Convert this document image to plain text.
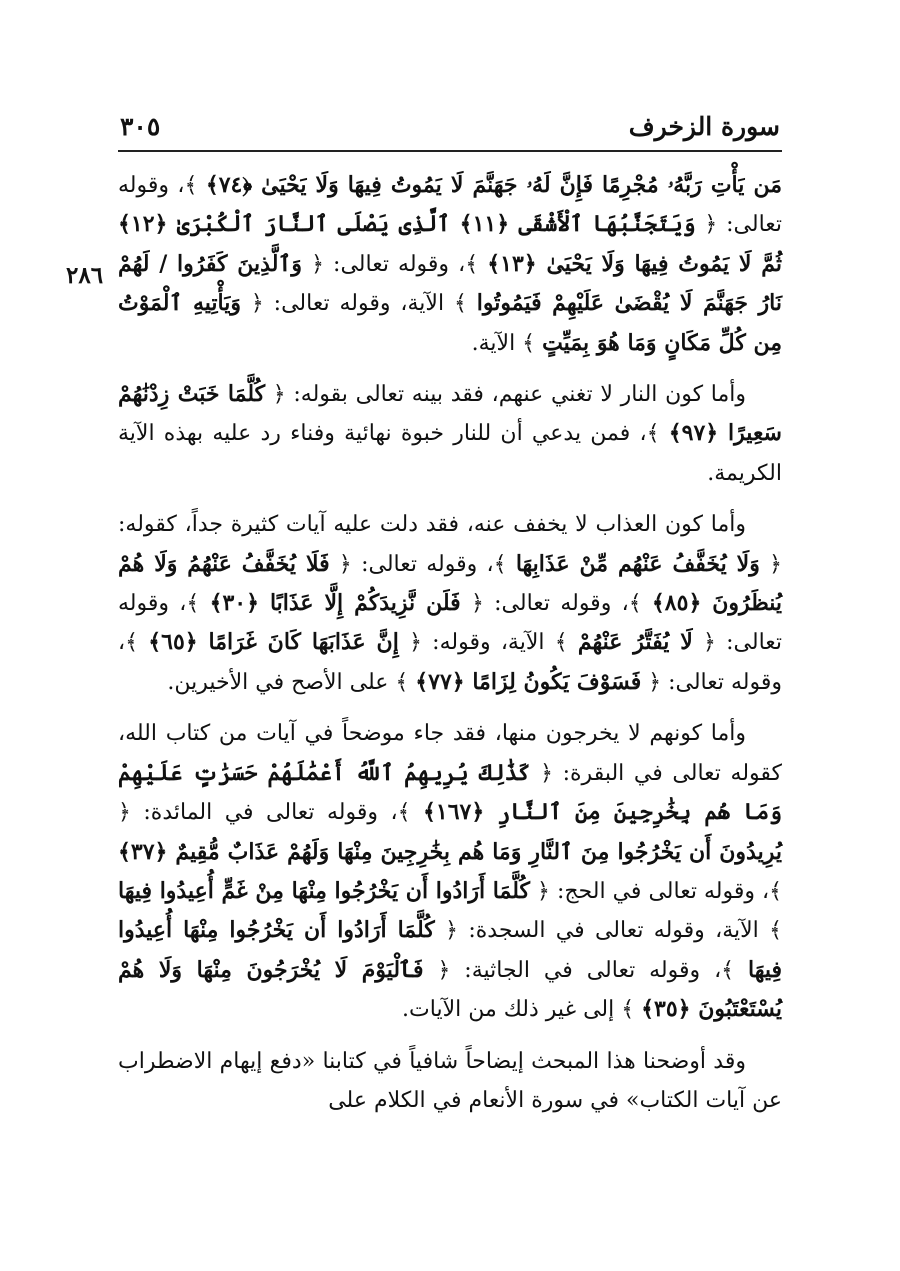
سورة الزخرف
٣٠٥
٢٨٦

مَن يَأْتِ رَبَّهُۥ مُجْرِمًا فَإِنَّ لَهُۥ جَهَنَّمَ لَا يَمُوتُ فِيهَا وَلَا يَحْيَىٰ ﴿٧٤﴾ ﴾، وقوله تعالى: ﴿ وَيَتَجَنَّبُهَا ٱلْأَشْقَى ﴿١١﴾ ٱلَّذِى يَصْلَى ٱلنَّارَ ٱلْكُبْرَىٰ ﴿١٢﴾ ثُمَّ لَا يَمُوتُ فِيهَا وَلَا يَحْيَىٰ ﴿١٣﴾ ﴾، وقوله تعالى: ﴿ وَٱلَّذِينَ كَفَرُوا / لَهُمْ نَارُ جَهَنَّمَ لَا يُقْضَىٰ عَلَيْهِمْ فَيَمُوتُوا ﴾ الآية، وقوله تعالى: ﴿ وَيَأْتِيهِ ٱلْمَوْتُ مِن كُلِّ مَكَانٍ وَمَا هُوَ بِمَيِّتٍ ﴾ الآية.

وأما كون النار لا تغني عنهم، فقد بينه تعالى بقوله: ﴿ كُلَّمَا خَبَتْ زِدْنَٰهُمْ سَعِيرًا ﴿٩٧﴾ ﴾، فمن يدعي أن للنار خبوة نهائية وفناء رد عليه بهذه الآية الكريمة.

وأما كون العذاب لا يخفف عنه، فقد دلت عليه آيات كثيرة جداً، كقوله: ﴿ وَلَا يُخَفَّفُ عَنْهُم مِّنْ عَذَابِهَا ﴾، وقوله تعالى: ﴿ فَلَا يُخَفَّفُ عَنْهُمُ وَلَا هُمْ يُنظَرُونَ ﴿٨٥﴾ ﴾، وقوله تعالى: ﴿ فَلَن نَّزِيدَكُمْ إِلَّا عَذَابًا ﴿٣٠﴾ ﴾، وقوله تعالى: ﴿ لَا يُفَتَّرُ عَنْهُمْ ﴾ الآية، وقوله: ﴿ إِنَّ عَذَابَهَا كَانَ غَرَامًا ﴿٦٥﴾ ﴾، وقوله تعالى: ﴿ فَسَوْفَ يَكُونُ لِزَامًا ﴿٧٧﴾ ﴾ على الأصح في الأخيرين.

وأما كونهم لا يخرجون منها، فقد جاء موضحاً في آيات من كتاب الله، كقوله تعالى في البقرة: ﴿ كَذَٰلِكَ يُرِيهِمُ ٱللَّهُ أَعْمَٰلَهُمْ حَسَرَٰتٍ عَلَيْهِمْ وَمَا هُم بِخَٰرِجِينَ مِنَ ٱلنَّارِ ﴿١٦٧﴾ ﴾، وقوله تعالى في المائدة: ﴿ يُرِيدُونَ أَن يَخْرُجُوا مِنَ ٱلنَّارِ وَمَا هُم بِخَٰرِجِينَ مِنْهَا وَلَهُمْ عَذَابٌ مُّقِيمٌ ﴿٣٧﴾ ﴾، وقوله تعالى في الحج: ﴿ كُلَّمَا أَرَادُوا أَن يَخْرُجُوا مِنْهَا مِنْ غَمٍّ أُعِيدُوا فِيهَا ﴾ الآية، وقوله تعالى في السجدة: ﴿ كُلَّمَا أَرَادُوا أَن يَخْرُجُوا مِنْهَا أُعِيدُوا فِيهَا ﴾، وقوله تعالى في الجاثية: ﴿ فَٱلْيَوْمَ لَا يُخْرَجُونَ مِنْهَا وَلَا هُمْ يُسْتَعْتَبُونَ ﴿٣٥﴾ ﴾ إلى غير ذلك من الآيات.

وقد أوضحنا هذا المبحث إيضاحاً شافياً في كتابنا «دفع إيهام الاضطراب عن آيات الكتاب» في سورة الأنعام في الكلام على
